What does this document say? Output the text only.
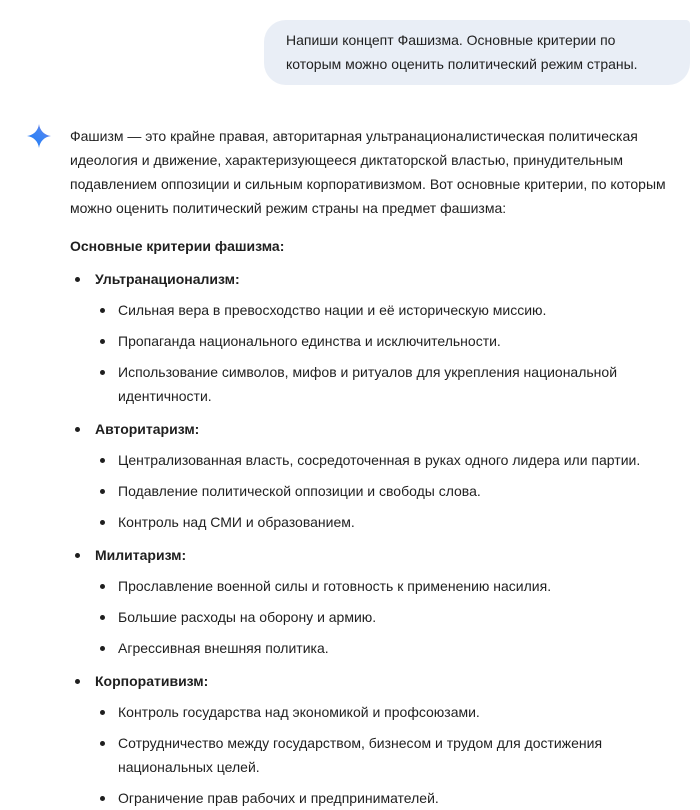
Напиши концепт Фашизма. Основные критерии по которым можно оценить политический режим страны.

Фашизм — это крайне правая, авторитарная ультранационалистическая политическая идеология и движение, характеризующееся диктаторской властью, принудительным подавлением оппозиции и сильным корпоративизмом. Вот основные критерии, по которым можно оценить политический режим страны на предмет фашизма:

Основные критерии фашизма:

Ультранационализм:
Сильная вера в превосходство нации и её историческую миссию.
Пропаганда национального единства и исключительности.
Использование символов, мифов и ритуалов для укрепления национальной идентичности.
Авторитаризм:
Централизованная власть, сосредоточенная в руках одного лидера или партии.
Подавление политической оппозиции и свободы слова.
Контроль над СМИ и образованием.
Милитаризм:
Прославление военной силы и готовность к применению насилия.
Большие расходы на оборону и армию.
Агрессивная внешняя политика.
Корпоративизм:
Контроль государства над экономикой и профсоюзами.
Сотрудничество между государством, бизнесом и трудом для достижения национальных целей.
Ограничение прав рабочих и предпринимателей.
